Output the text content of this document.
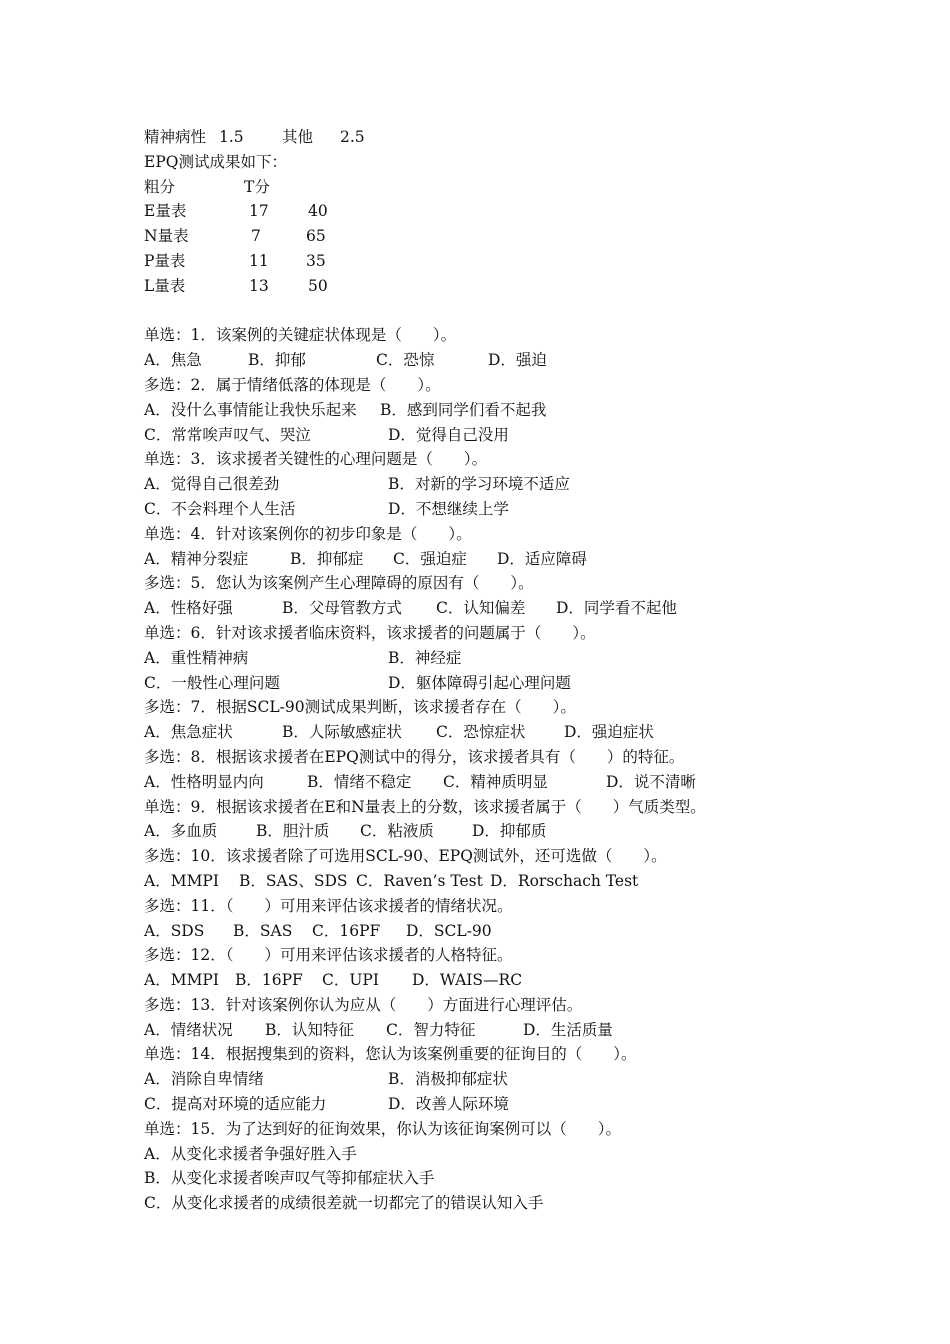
精神病性 1.5 其他 2.5
EPQ测试成果如下：
粗分	T分
E量表	17	40
N量表	7	65
P量表	11 35
L量表	13	50
单选：1．该案例的关键症状体现是（　　）。
A．焦急	B．抑郁	C．恐惊	D．强迫
多选：2．属于情绪低落的体现是（　　）。
A．没什么事情能让我快乐起来 B．感到同学们看不起我
C．常常唉声叹气、哭泣	D．觉得自己没用
单选：3．该求援者关键性的心理问题是（　　）。
A．觉得自己很差劲	B．对新的学习环境不适应
C．不会料理个人生活	D．不想继续上学
单选：4．针对该案例你的初步印象是（　　）。
A．精神分裂症	B．抑郁症 C．强迫症 D．适应障碍
多选：5．您认为该案例产生心理障碍的原因有（　　）。
A．性格好强	B．父母管教方式 C．认知偏差 D．同学看不起他
单选：6．针对该求援者临床资料，该求援者的问题属于（　　）。
A．重性精神病	B．神经症
C．一般性心理问题	D．躯体障碍引起心理问题
多选：7．根据SCL-90测试成果判断，该求援者存在（　　）。
A．焦急症状	B．人际敏感症状 C．恐惊症状 D．强迫症状
多选：8．根据该求援者在EPQ测试中的得分，该求援者具有（　　）的特征。
A．性格明显内向	B．情绪不稳定 C．精神质明显	D．说不清晰
单选：9．根据该求援者在E和N量表上的分数，该求援者属于（　　）气质类型。
A．多血质	B．胆汁质 C．粘液质 D．抑郁质
多选：10．该求援者除了可选用SCL-90、EPQ测试外，还可选做（　　）。
A．MMPI B．SAS、SDS C．Raven’s Test D．Rorschach Test
多选：11．（　　）可用来评估该求援者的情绪状况。
A．SDS B．SAS C．16PF D．SCL-90
多选：12．（　　）可用来评估该求援者的人格特征。
A．MMPI B．16PF C．UPI D．WAIS—RC
多选：13．针对该案例你认为应从（　　）方面进行心理评估。
A．情绪状况 B．认知特征 C．智力特征	D．生活质量
单选：14．根据搜集到的资料，您认为该案例重要的征询目的（　　）。
A．消除自卑情绪	B．消极抑郁症状
C．提高对环境的适应能力	D．改善人际环境
单选：15．为了达到好的征询效果，你认为该征询案例可以（　　）。
A．从变化求援者争强好胜入手
B．从变化求援者唉声叹气等抑郁症状入手
C．从变化求援者的成绩很差就一切都完了的错误认知入手
